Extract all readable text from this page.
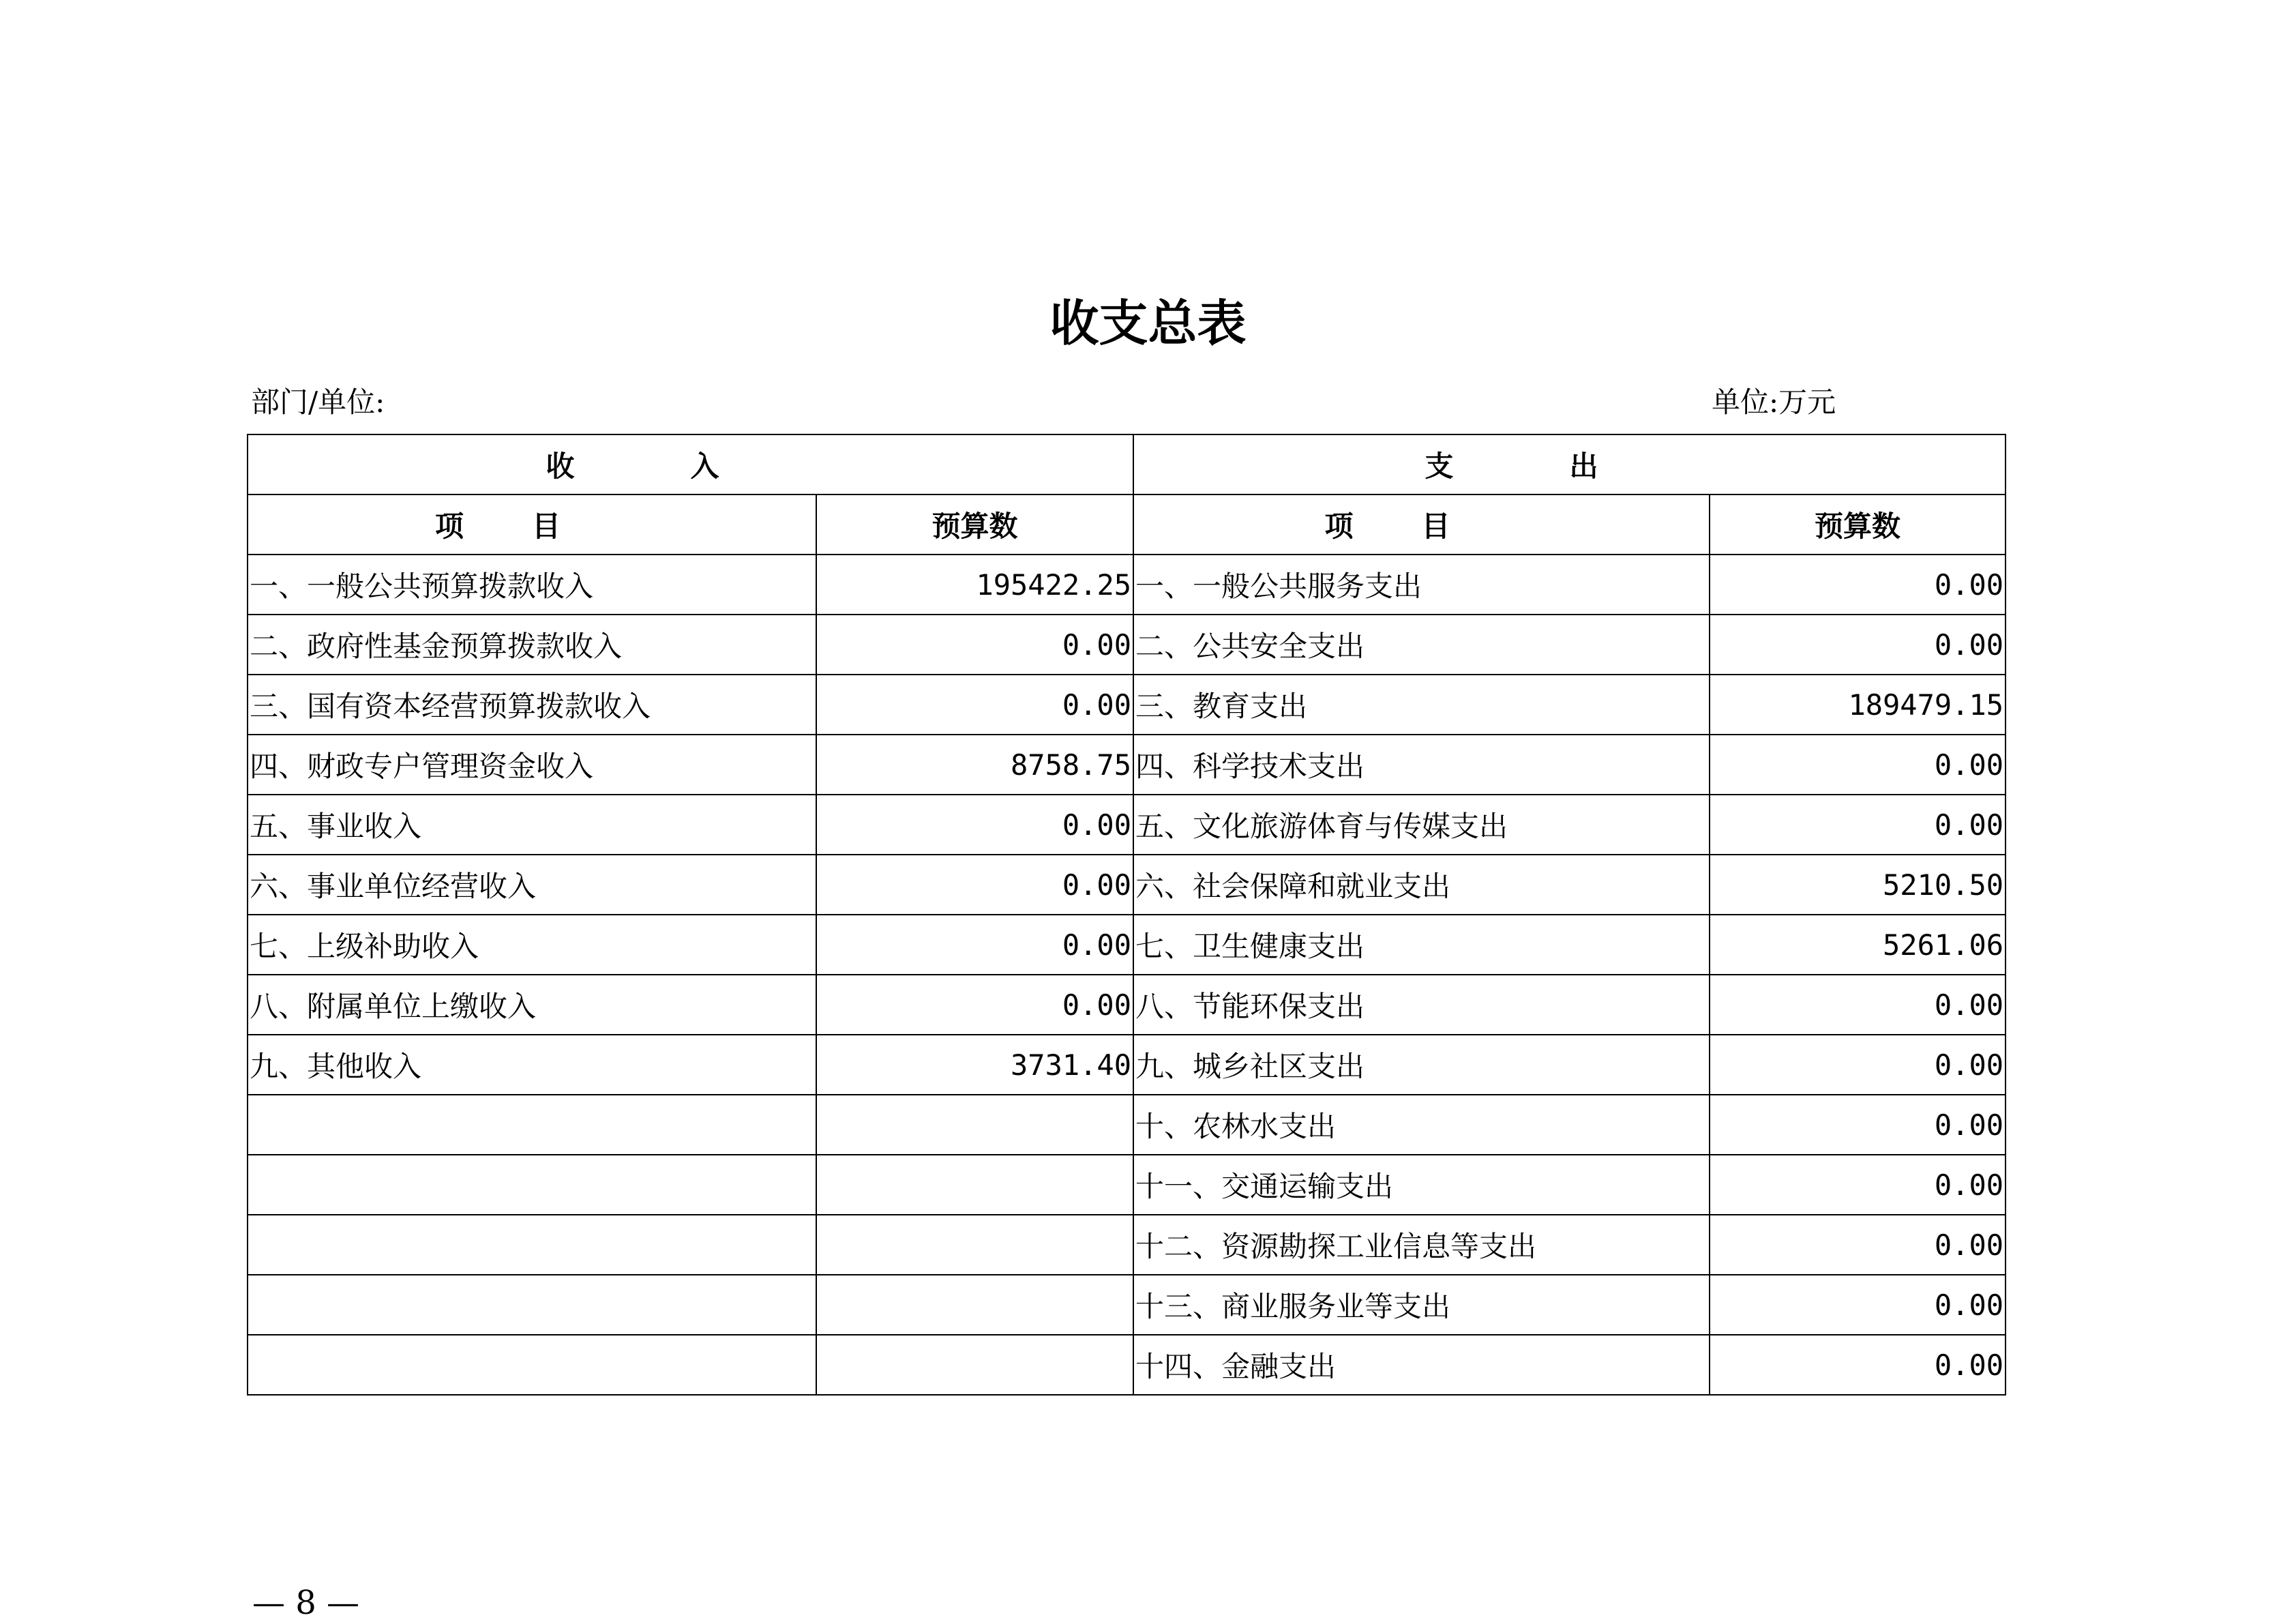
收支总表
部门/单位:	单位:万元
收入		支出	
项目	预算数	项目	预算数
一、一般公共预算拨款收入	195422.25	一、一般公共服务支出	0.00
二、政府性基金预算拨款收入	0.00	二、公共安全支出	0.00
三、国有资本经营预算拨款收入	0.00	三、教育支出	189479.15
四、财政专户管理资金收入	8758.75	四、科学技术支出	0.00
五、事业收入	0.00	五、文化旅游体育与传媒支出	0.00
六、事业单位经营收入	0.00	六、社会保障和就业支出	5210.50
七、上级补助收入	0.00	七、卫生健康支出	5261.06
八、附属单位上缴收入	0.00	八、节能环保支出	0.00
九、其他收入	3731.40	九、城乡社区支出	0.00
		十、农林水支出	0.00
		十一、交通运输支出	0.00
		十二、资源勘探工业信息等支出	0.00
		十三、商业服务业等支出	0.00
		十四、金融支出	0.00
— 8 —
